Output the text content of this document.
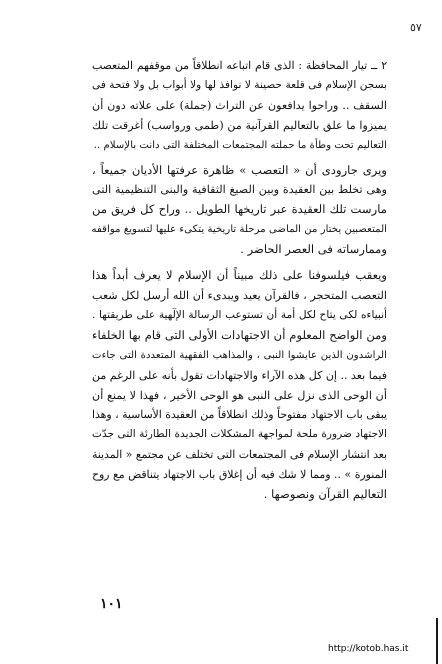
٥٧

٢ ــ تيار المحافظة : الذى قام اتباعه انطلاقاً من موقفهم المتعصب
بسجن الإسلام فى قلعة حصينة لا نوافذ لها ولا أبواب بل ولا فتحة فى
السقف .. وراحوا يدافعون عن التراث (جملة) على علاته دون أن
يميزوا ما علق بالتعاليم القرآنية من (طمى ورواسب) أغرقت تلك
التعاليم تحت وطأة ما حملته المجتمعات المختلفة التى دانت بالإسلام ..

ويرى جارودى أن « التعصب » ظاهرة عرفتها الأديان جميعاً ،
وهى تخلط بين العقيدة وبين الصيغ الثقافية والبنى التنظيمية التى
مارست تلك العقيدة عبر تاريخها الطويل .. وراح كل فريق من
المتعصبين يختار من الماضى مرحلة تاريخية يتكىء عليها لتسويغ مواقفه
وممارساته فى العصر الحاضر .

ويعقب فيلسوفنا على ذلك مبيناً أن الإسلام لا يعرف أبداً هذا
التعصب المتحجر ، فالقرآن يعيد ويبدىء أن الله أرسل لكل شعب
أنبياءه لكى يتاح لكل أمة أن تستوعب الرسالة الإلٓهية على طريقتها .
ومن الواضح المعلوم أن الاجتهادات الأولى التى قام بها الخلفاء
الراشدون الذين عايشوا النبى ، والمذاهب الفقهية المتعددة التى جاءت
فيما بعد .. إن كل هذه الآراء والاجتهادات تقول بأنه على الرغم من
أن الوحى الذى نزل على النبى هو الوحى الأخير ، فهذا لا يمنع أن
يبقى باب الاجتهاد مفتوحاً وذلك انطلاقاً من العقيدة الأساسية ، وهذا
الاجتهاد ضرورة ملحة لمواجهة المشكلات الجديدة الطارئة التى جدّت
بعد انتشار الإسلام فى المجتمعات التى تختلف عن مجتمع « المدينة
المنورة » .. ومما لا شك فيه أن إغلاق باب الاجتهاد يتناقض مع روح
التعاليم القرآن ونصوصها .

١٠١
http://kotob.has.it
